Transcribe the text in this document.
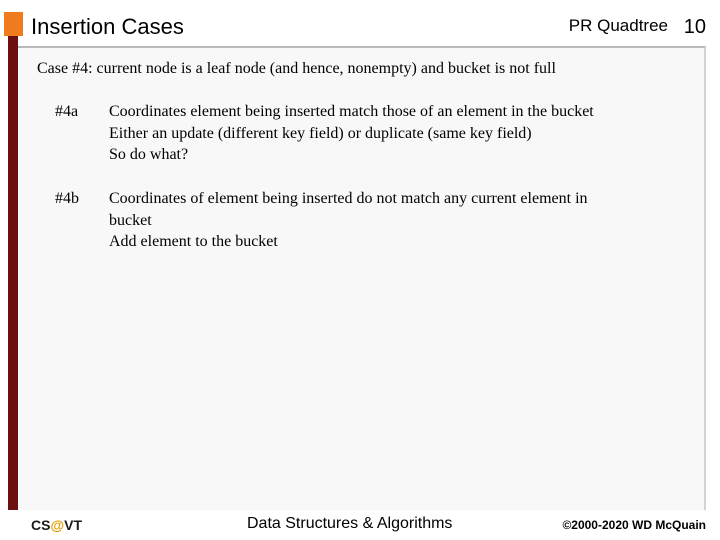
Insertion Cases	PR Quadtree 10
Case #4: current node is a leaf node (and hence, nonempty) and bucket is not full
#4a Coordinates element being inserted match those of an element in the bucket
Either an update (different key field) or duplicate (same key field)
So do what?
#4b Coordinates of element being inserted do not match any current element in
bucket
Add element to the bucket
CS@VT	Data Structures & Algorithms	©2000-2020 WD McQuain
